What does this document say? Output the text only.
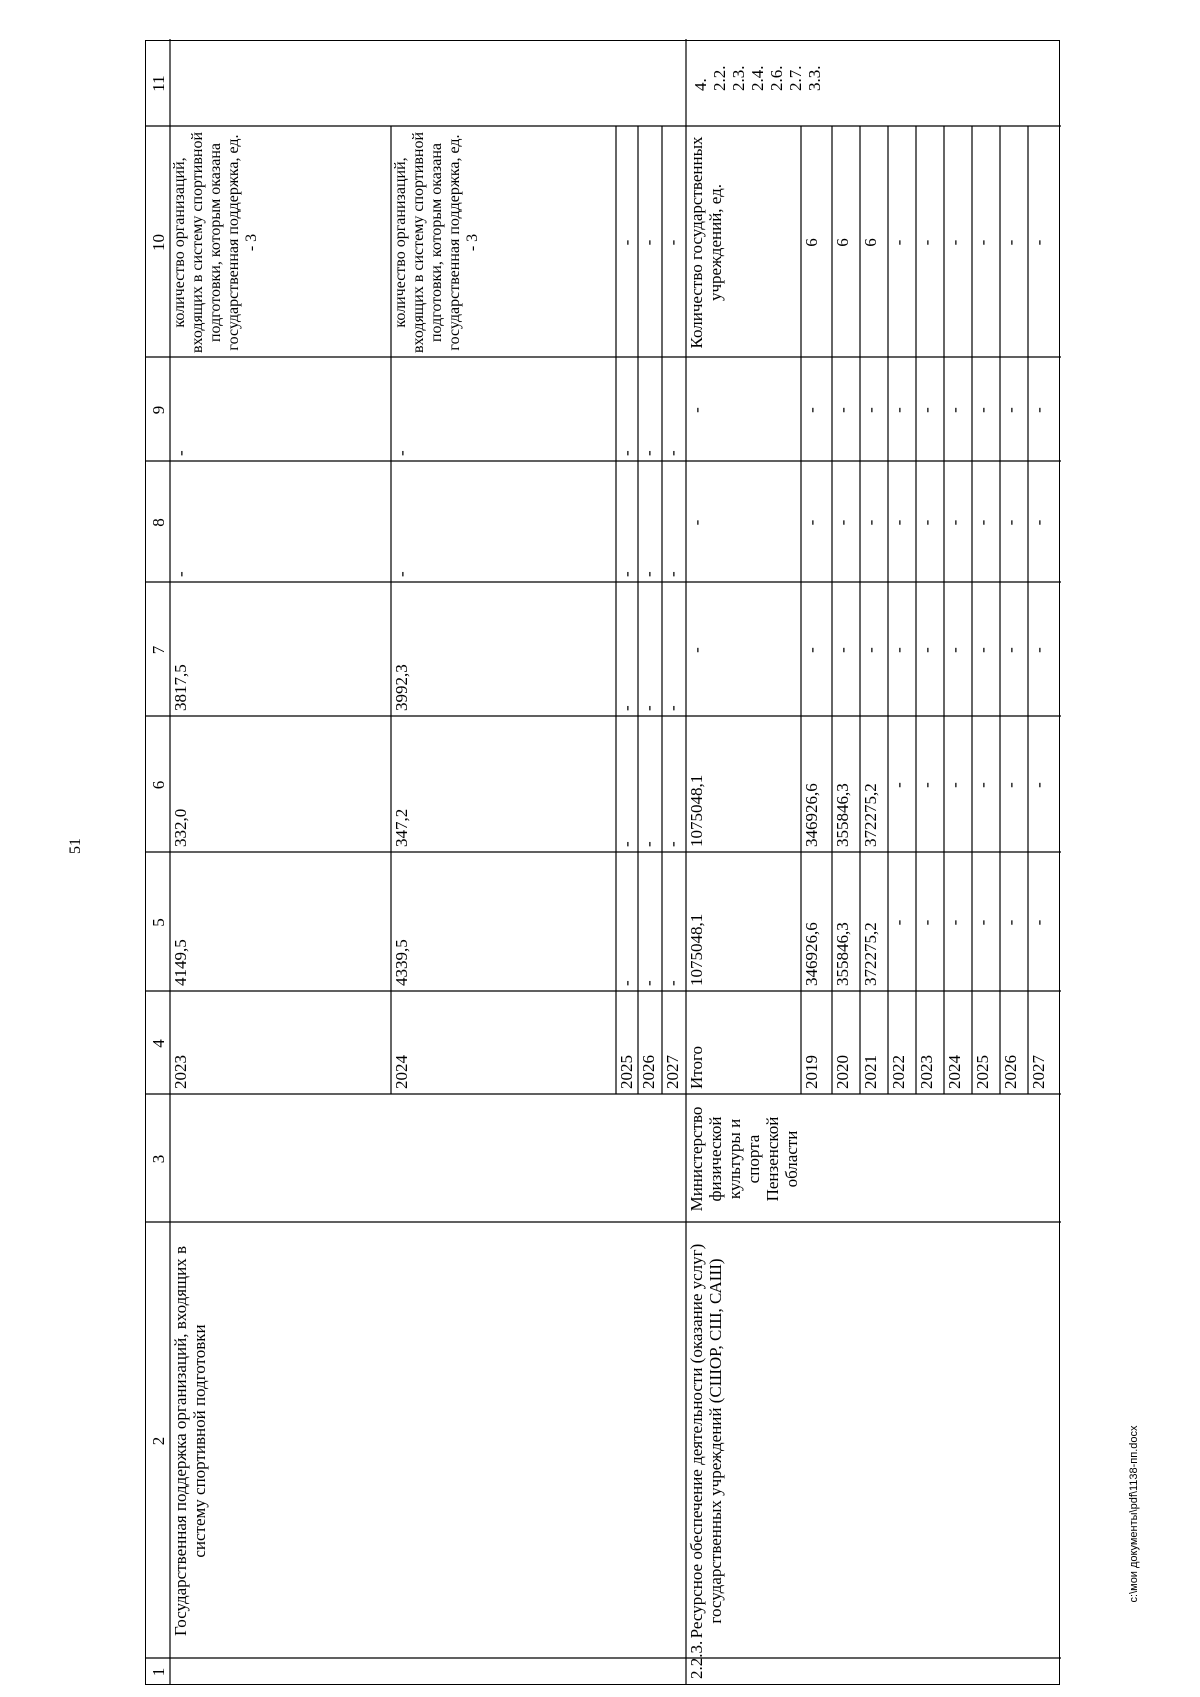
51
c:\мои документы\pdf\1138-пп.docx
1
2
3
4
5
6
7
8
9
10
11
Государственная поддержка организаций, входящих в систему спортивной подготовки
2023
4149,5
332,0
3817,5
-
-
количество организаций, входящих в систему спортивной подготовки, которым оказана государственная поддержка, ед. - 3
2024
4339,5
347,2
3992,3
-
-
количество организаций, входящих в систему спортивной подготовки, которым оказана государственная поддержка, ед. - 3
2025
-
-
-
-
-
-
2026
-
-
-
-
-
-
2027
-
-
-
-
-
-
2.2.3.
Ресурсное обеспечение деятельности (оказание услуг) государственных учреждений (СШОР, СШ, САШ)
Министерство физической культуры и спорта Пензенской области
Итого
1075048,1
1075048,1
-
-
-
Количество государственных учреждений, ед.
2019
346926,6
346926,6
-
-
-
6
2020
355846,3
355846,3
-
-
-
6
2021
372275,2
372275,2
-
-
-
6
2022
-
-
-
-
-
-
2023
-
-
-
-
-
-
2024
-
-
-
-
-
-
2025
-
-
-
-
-
-
2026
-
-
-
-
-
-
2027
-
-
-
-
-
-
4. 2.2. 2.3. 2.4. 2.6. 2.7. 3.3.
